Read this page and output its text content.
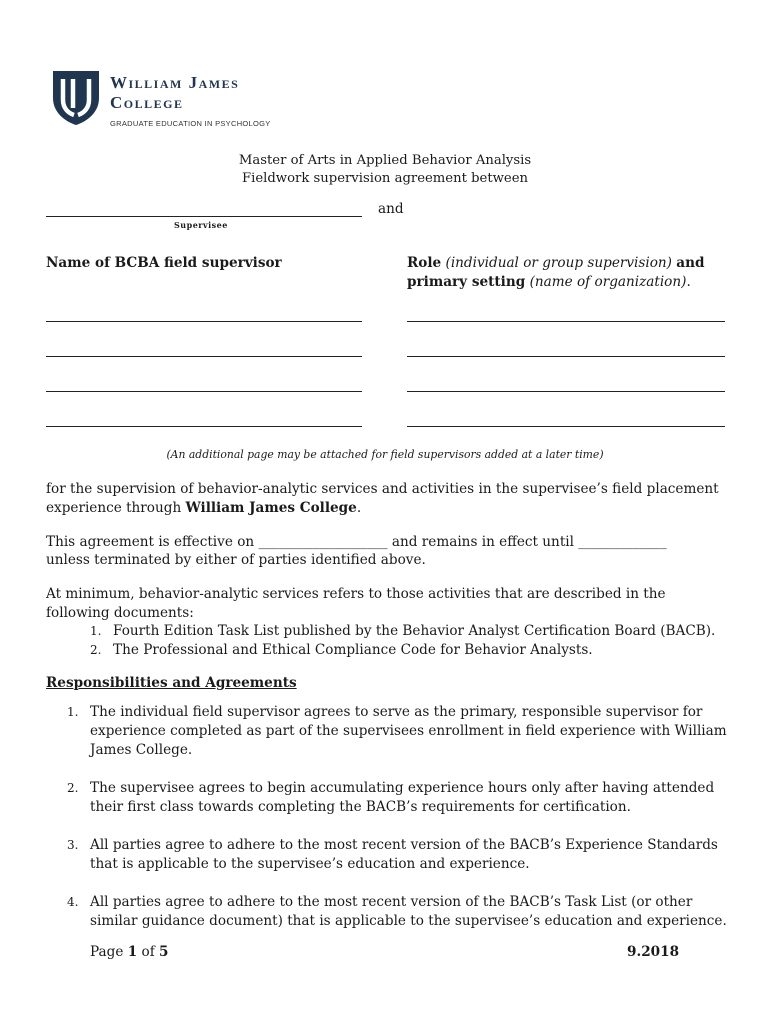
William James
College
GRADUATE EDUCATION IN PSYCHOLOGY
Master of Arts in Applied Behavior Analysis
Fieldwork supervision agreement between
and
Supervisee
Name of BCBA field supervisor	Role (individual or group supervision) and primary setting (name of organization).
(An additional page may be attached for field supervisors added at a later time)
for the supervision of behavior-analytic services and activities in the supervisee’s field placement experience through William James College.
This agreement is effective on ___________________ and remains in effect until _____________
unless terminated by either of parties identified above.
At minimum, behavior-analytic services refers to those activities that are described in the following documents:
1. Fourth Edition Task List published by the Behavior Analyst Certification Board (BACB).
2. The Professional and Ethical Compliance Code for Behavior Analysts.
Responsibilities and Agreements
1. The individual field supervisor agrees to serve as the primary, responsible supervisor for experience completed as part of the supervisees enrollment in field experience with William James College.
2. The supervisee agrees to begin accumulating experience hours only after having attended their first class towards completing the BACB’s requirements for certification.
3. All parties agree to adhere to the most recent version of the BACB’s Experience Standards that is applicable to the supervisee’s education and experience.
4. All parties agree to adhere to the most recent version of the BACB’s Task List (or other similar guidance document) that is applicable to the supervisee’s education and experience.
Page 1 of 5	9.2018
